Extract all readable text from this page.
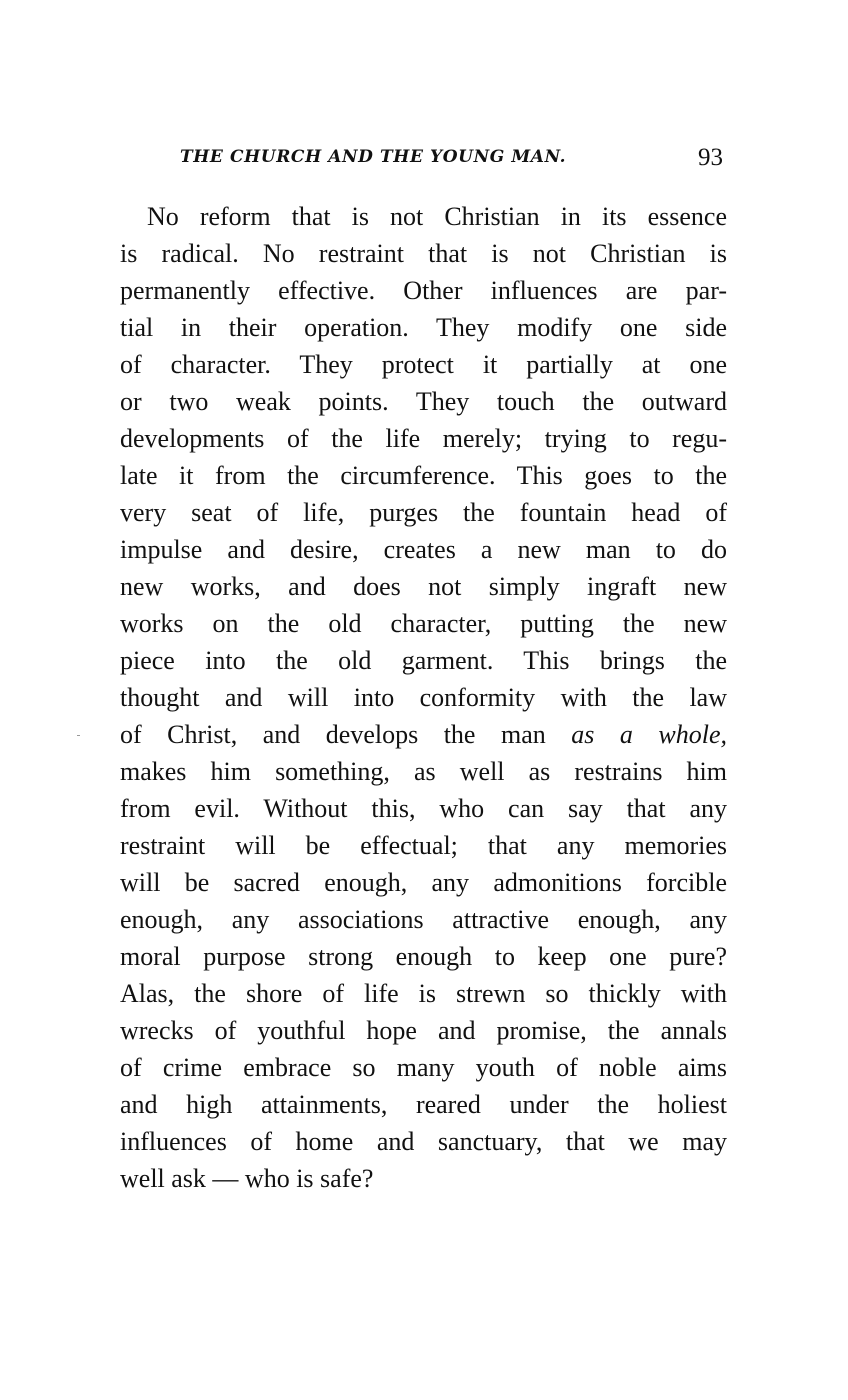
THE CHURCH AND THE YOUNG MAN.	93
No reform that is not Christian in its essence
is radical. No restraint that is not Christian is
permanently effective. Other influences are par-
tial in their operation. They modify one side
of character. They protect it partially at one
or two weak points. They touch the outward
developments of the life merely; trying to regu-
late it from the circumference. This goes to the
very seat of life, purges the fountain head of
impulse and desire, creates a new man to do
new works, and does not simply ingraft new
works on the old character, putting the new
piece into the old garment. This brings the
thought and will into conformity with the law
of Christ, and develops the man as a whole,
makes him something, as well as restrains him
from evil. Without this, who can say that any
restraint will be effectual; that any memories
will be sacred enough, any admonitions forcible
enough, any associations attractive enough, any
moral purpose strong enough to keep one pure?
Alas, the shore of life is strewn so thickly with
wrecks of youthful hope and promise, the annals
of crime embrace so many youth of noble aims
and high attainments, reared under the holiest
influences of home and sanctuary, that we may
well ask — who is safe?
